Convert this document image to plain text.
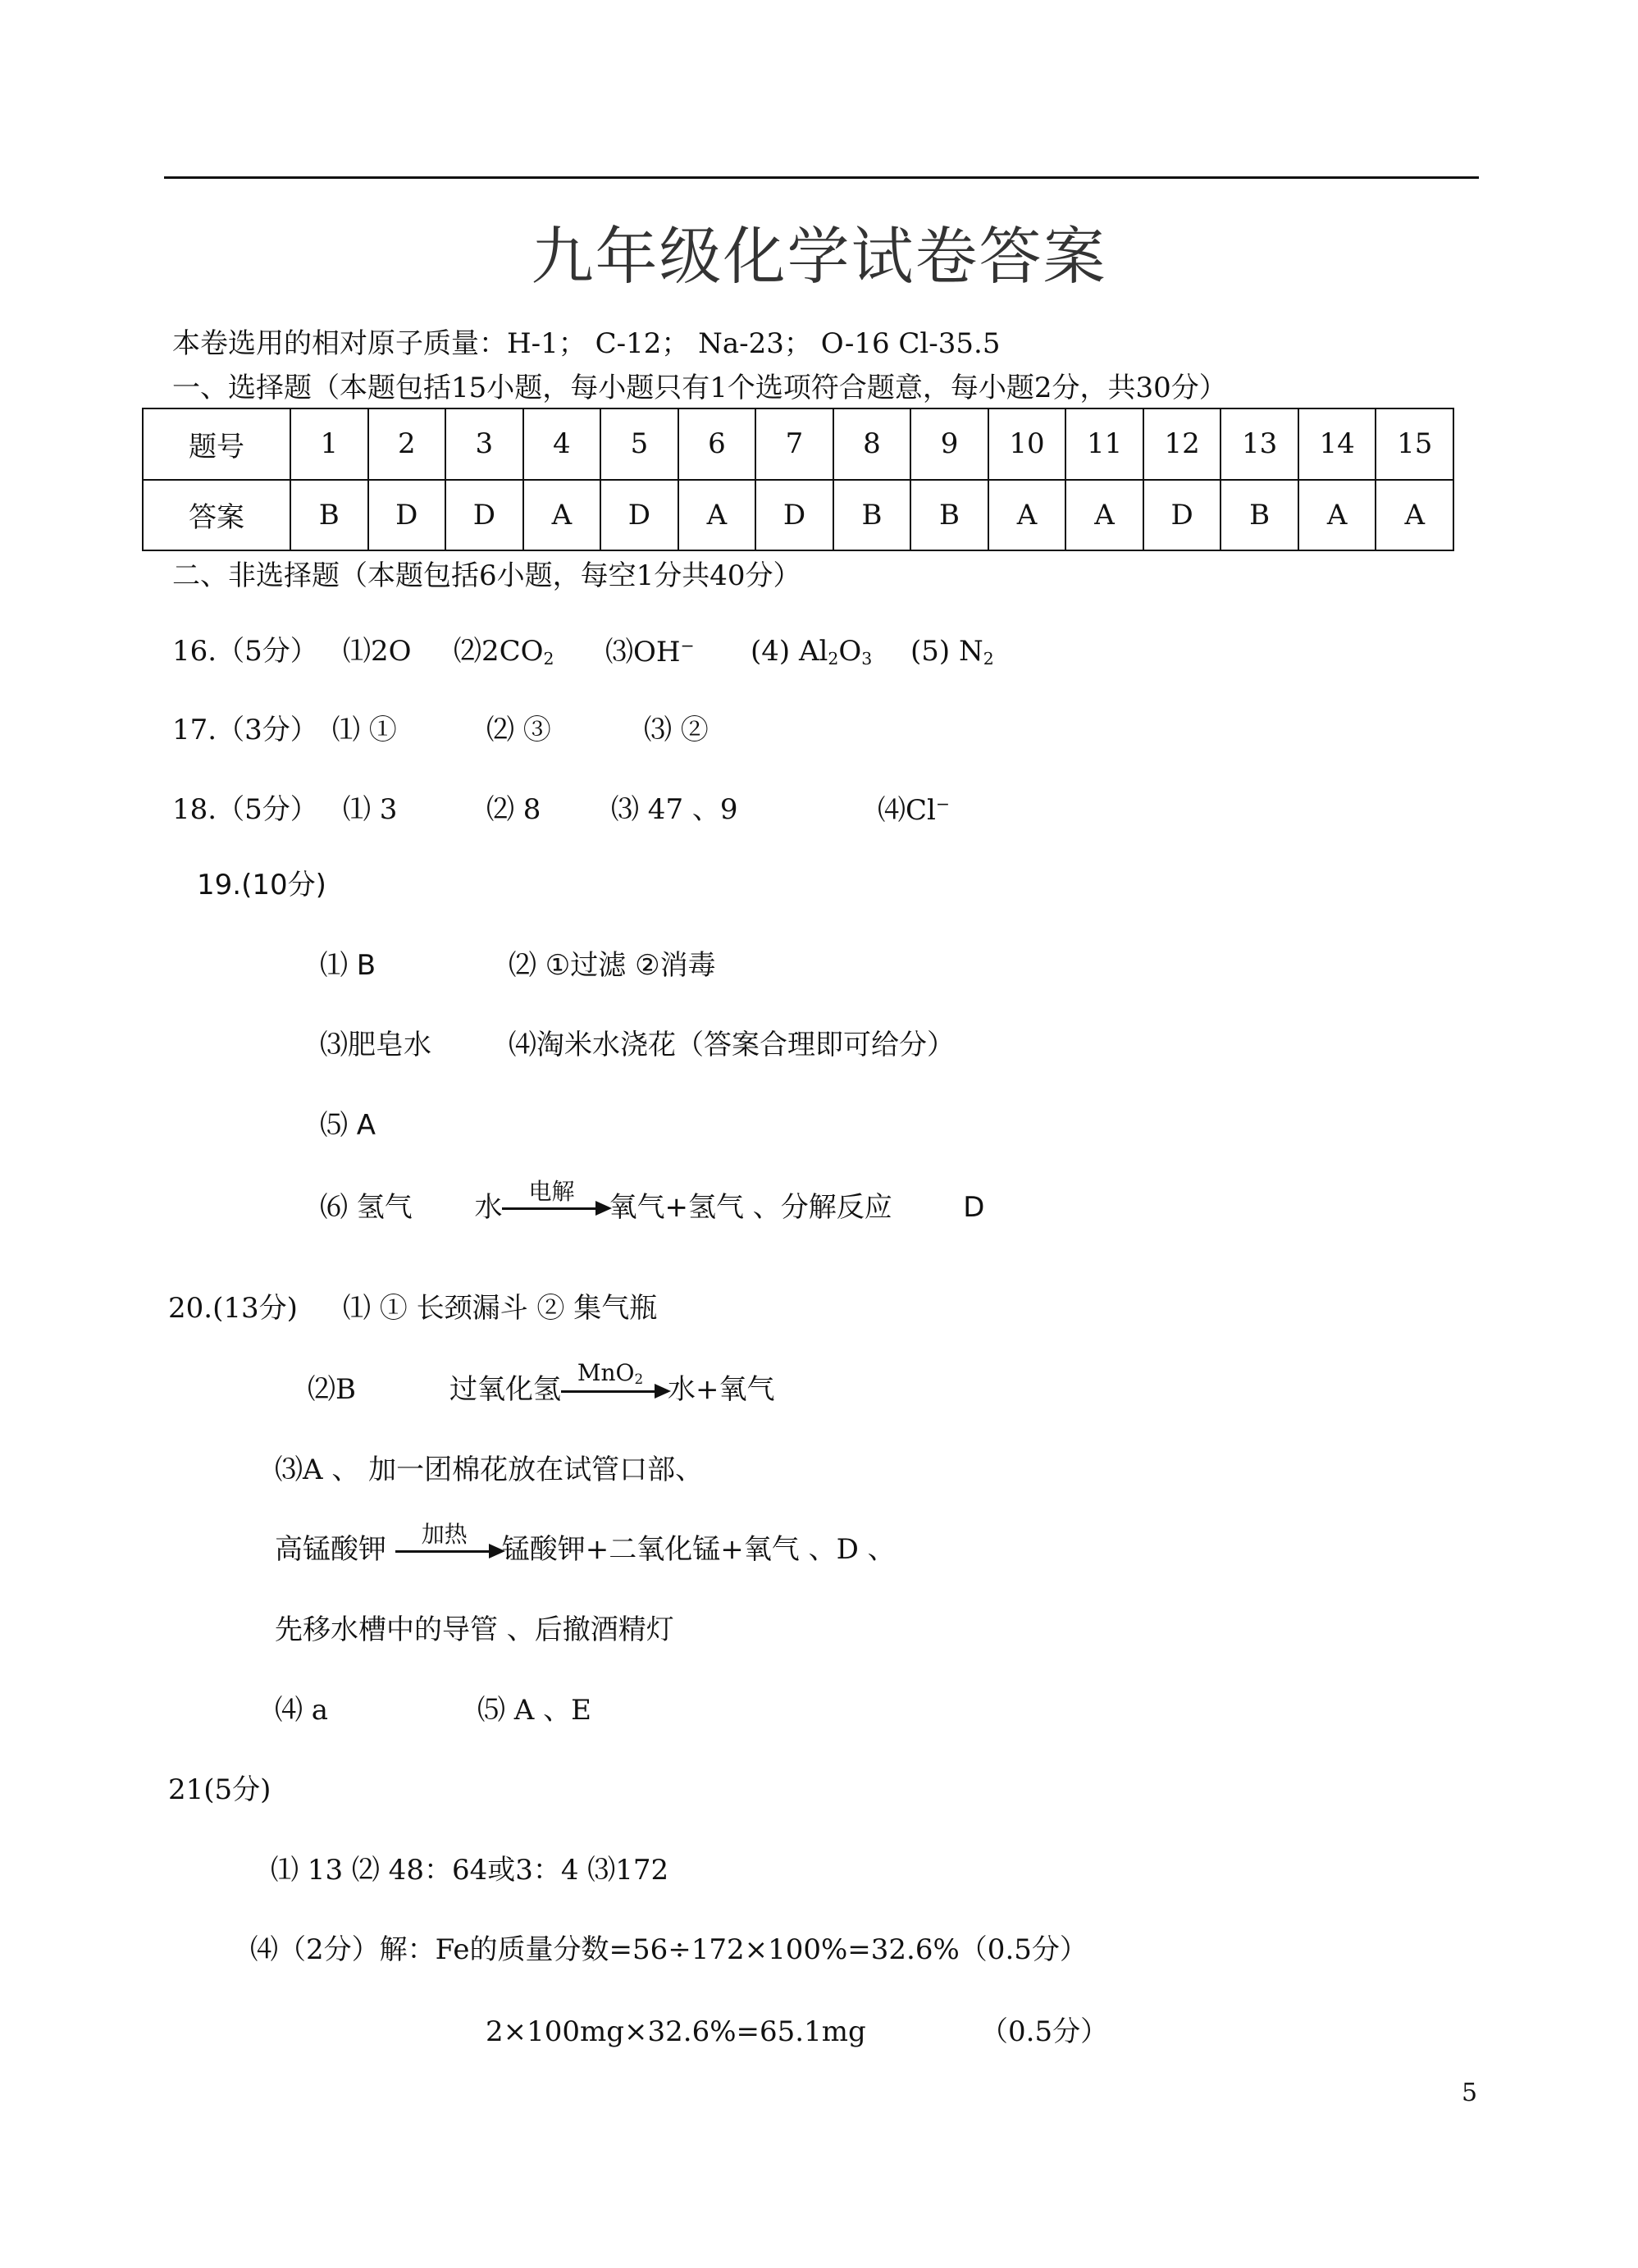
九年级化学试卷答案
本卷选用的相对原子质量：H-1； C-12； Na-23； O-16 Cl-35.5
一、选择题（本题包括15小题，每小题只有1个选项符合题意，每小题2分，共30分）
题号	1	2	3	4	5	6	7	8	9	10	11	12	13	14	15
答案	B	D	D	A	D	A	D	B	B	A	A	D	B	A	A
二、非选择题（本题包括6小题，每空1分共40分）
16.（5分） ⑴2O $⑵2CO_2$ ⑶OH− (4) $Al_2O_3$ (5) $N_2$
17.（3分） ⑴ ①	⑵ ③	⑶ ②
18.（5分） ⑴ 3	⑵ 8	⑶ 47 、9	⑷Cl−
19.(10分)
⑴ B	⑵ ①过滤 ②消毒
⑶肥皂水	⑷淘米水浇花（答案合理即可给分）
⑸ A
⑹ 氢气 水	电解	氧气+氢气 、分解反应	D
20.(13分) ⑴ ① 长颈漏斗 ② 集气瓶
⑵B	过氧化氢
MnO$_2$ 水+氧气
⑶A 、 加一团棉花放在试管口部、
高锰酸钾	加热	锰酸钾+二氧化锰+氧气 、D 、
先移水槽中的导管 、后撤酒精灯
⑷ a	⑸ A 、E
21(5分)
⑴ 13 ⑵ 48：64或3：4 ⑶172
⑷（2分）解：Fe的质量分数=56÷172×100%=32.6%（0.5分）
2×100mg×32.6%=65.1mg	（0.5分）
5
